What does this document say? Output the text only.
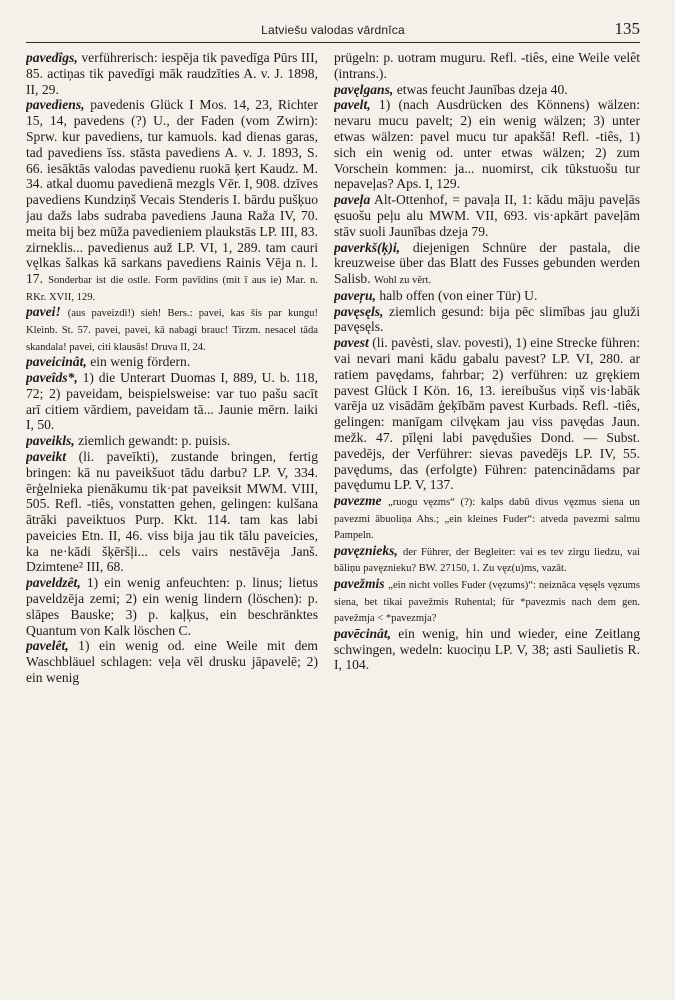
Latviešu valodas vārdnīca	135

pavedîgs, verführerisch: iespēja tik pavedīga Pūrs III, 85. actiņas tik pavedīgi māk raudzīties A. v. J. 1898, II, 29.

pavedìens, pavedenis Glück I Mos. 14, 23, Richter 15, 14, pavedens (?) U., der Faden (vom Zwirn): Sprw. kur pavediens, tur kamuols. kad dienas garas, tad pavediens īss. stāsta pavediens A. v. J. 1893, S. 66. iesāktās valodas pavedienu ruokā ķert Kaudz. M. 34. atkal duomu pavedienā mezgls Vēr. I, 908. dzīves pavediens Kundziņš Vecais Stenderis I. bārdu pušķuo jau dažs labs sudraba pavediens Jauna Raža IV, 70. meita bij bez mūža pavedieniem plaukstās LP. III, 83. zirneklis... pavedienus auž LP. VI, 1, 289. tam cauri vęlkas šalkas kā sarkans pavediens Rainis Vēja n. l. 17. Sonderbar ist die ostle. Form pavīdins (mit ī aus ie) Mar. n. RKr. XVII, 129.

pavei! (aus paveizdi!) sieh! Bers.: pavei, kas šis par kungu! Kleinb. St. 57. pavei, pavei, kā nabagi brauc! Tirzm. nesacel tāda skandala! pavei, citi klausās! Druva II, 24.

paveicinât, ein wenig fördern.

paveîds*, 1) die Unterart Duomas I, 889, U. b. 118, 72; 2) paveidam, beispielsweise: var tuo pašu sacīt arī citiem vārdiem, paveidam tā... Jaunie mērn. laiki I, 50.

paveikls, ziemlich gewandt: p. puisis.

paveikt (li. paveīkti), zustande bringen, fertig bringen: kā nu paveikšuot tādu darbu? LP. V, 334. ērģelnieka pienākumu tik·pat paveiksit MWM. VIII, 505. Refl. -tiês, vonstatten gehen, gelingen: kulšana ātrāki paveiktuos Purp. Kkt. 114. tam kas labi paveicies Etn. II, 46. viss bija jau tik tālu paveicies, ka ne·kādi šķēršļi... cels vairs nestāvēja Janš. Dzimtene² III, 68.

paveldzêt, 1) ein wenig anfeuchten: p. linus; lietus paveldzēja zemi; 2) ein wenig lindern (löschen): p. slāpes Bauske; 3) p. kaļķus, ein beschränktes Quantum von Kalk löschen C.

pavelêt, 1) ein wenig od. eine Weile mit dem Waschbläuel schlagen: veļa vēl drusku jāpavelē; 2) ein wenig

prügeln: p. uotram muguru. Refl. -tiês, eine Weile velêt (intrans.).

pavęlgans, etwas feucht Jaunības dzeja 40.

pavelt, 1) (nach Ausdrücken des Könnens) wälzen: nevaru mucu pavelt; 2) ein wenig wälzen; 3) unter etwas wälzen: pavel mucu tur apakšā! Refl. -tiês, 1) sich ein wenig od. unter etwas wälzen; 2) zum Vorschein kommen: ja... nuomirst, cik tūkstuošu tur nepaveļas? Aps. I, 129.

paveļa Alt-Ottenhof, = pavaļa II, 1: kādu māju paveļās ęsuošu peļu alu MWM. VII, 693. vis·apkārt paveļām stāv suoli Jaunības dzeja 79.

paverkš(ķ)i, diejenigen Schnüre der pastala, die kreuzweise über das Blatt des Fusses gebunden werden Salisb. Wohl zu vērt.

paveŗu, halb offen (von einer Tür) U.

pavęsęls, ziemlich gesund: bija pēc slimības jau gluži pavęsęls.

pavest (li. pavèsti, slav. povesti), 1) eine Strecke führen: vai nevari mani kādu gabalu pavest? LP. VI, 280. ar ratiem pavędams, fahrbar; 2) verführen: uz grękiem pavest Glück I Kön. 16, 13. iereibušus viņš vis·labāk varēja uz visādām ģeķībām pavest Kurbads. Refl. -tiês, gelingen: manīgam cilvękam jau viss pavędas Jaun. mežk. 47. pīlęni labi pavędušies Dond. — Subst. pavedējs, der Verführer: sievas pavedējs LP. IV, 55. pavędums, das (erfolgte) Führen: patencinādams par pavędumu LP. V, 137.

pavezme „ruogu vęzms“ (?): kalps dabū divus vęzmus siena un pavezmi ābuoliņa Ahs.; „ein kleines Fuder“: atveda pavezmi salmu Pampeln.

pavęznieks, der Führer, der Begleiter: vai es tev zirgu liedzu, vai bāliņu pavęznieku? BW. 27150, 1. Zu vęz(u)ms, vazāt.

pavežmis „ein nicht volles Fuder (vęzums)“: neiznāca vęsęls vęzums siena, bet tikai pavežmis Ruhental; für *pavezmis nach dem gen. pavežmja < *pavezmja?

pavēcinât, ein wenig, hin und wieder, eine Zeitlang schwingen, wedeln: kuociņu LP. V, 38; asti Saulietis R. I, 104.
